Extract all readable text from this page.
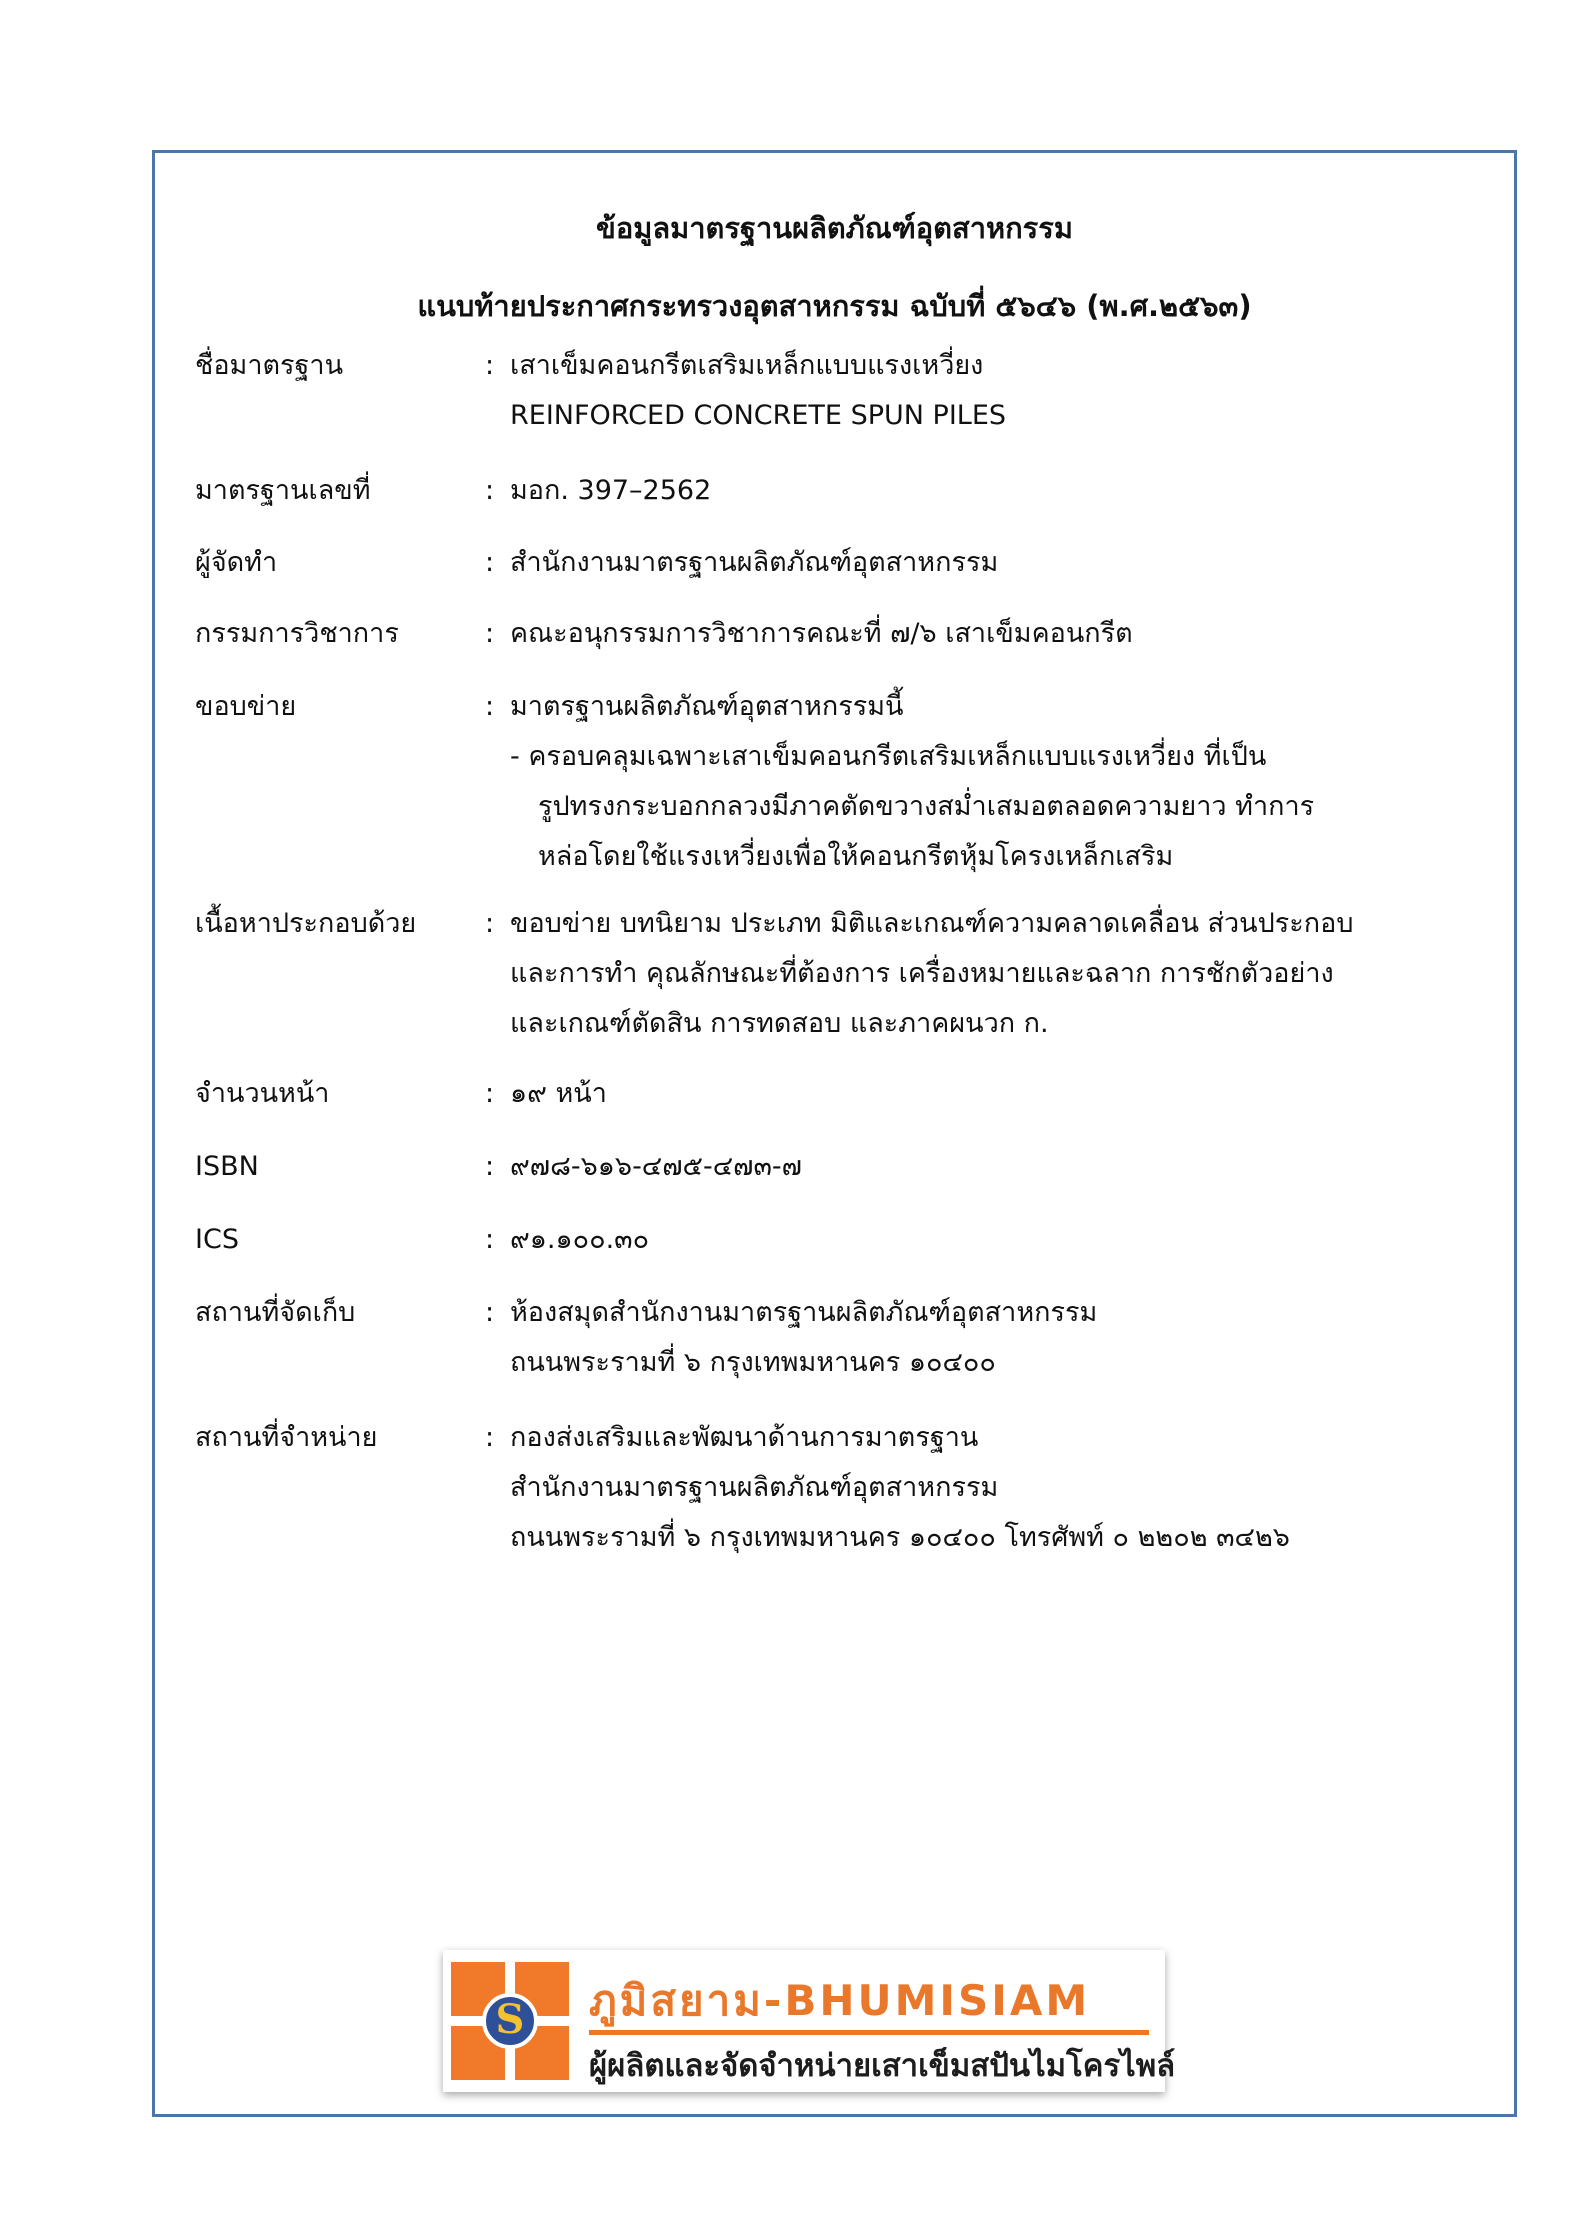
ข้อมูลมาตรฐานผลิตภัณฑ์อุตสาหกรรม
แนบท้ายประกาศกระทรวงอุตสาหกรรม ฉบับที่ ๕๖๔๖ (พ.ศ.๒๕๖๓)
ชื่อมาตรฐาน	: เสาเข็มคอนกรีตเสริมเหล็กแบบแรงเหวี่ยง
REINFORCED CONCRETE SPUN PILES
มาตรฐานเลขที่	: มอก. 397–2562
ผู้จัดทำ	: สำนักงานมาตรฐานผลิตภัณฑ์อุตสาหกรรม
กรรมการวิชาการ	: คณะอนุกรรมการวิชาการคณะที่ ๗/๖ เสาเข็มคอนกรีต
ขอบข่าย	: มาตรฐานผลิตภัณฑ์อุตสาหกรรมนี้
- ครอบคลุมเฉพาะเสาเข็มคอนกรีตเสริมเหล็กแบบแรงเหวี่ยง ที่เป็น
รูปทรงกระบอกกลวงมีภาคตัดขวางสม่ำเสมอตลอดความยาว ทำการ
หล่อโดยใช้แรงเหวี่ยงเพื่อให้คอนกรีตหุ้มโครงเหล็กเสริม
เนื้อหาประกอบด้วย	: ขอบข่าย บทนิยาม ประเภท มิติและเกณฑ์ความคลาดเคลื่อน ส่วนประกอบ
และการทำ คุณลักษณะที่ต้องการ เครื่องหมายและฉลาก การชักตัวอย่าง
และเกณฑ์ตัดสิน การทดสอบ และภาคผนวก ก.
จำนวนหน้า	: ๑๙ หน้า
ISBN	: ๙๗๘-๖๑๖-๔๗๕-๔๗๓-๗
ICS	: ๙๑.๑๐๐.๓๐
สถานที่จัดเก็บ	: ห้องสมุดสำนักงานมาตรฐานผลิตภัณฑ์อุตสาหกรรม
ถนนพระรามที่ ๖ กรุงเทพมหานคร ๑๐๔๐๐
สถานที่จำหน่าย	: กองส่งเสริมและพัฒนาด้านการมาตรฐาน
สำนักงานมาตรฐานผลิตภัณฑ์อุตสาหกรรม
ถนนพระรามที่ ๖ กรุงเทพมหานคร ๑๐๔๐๐ โทรศัพท์ ๐ ๒๒๐๒ ๓๔๒๖
S	ภูมิสยาม-BHUMISIAM
ผู้ผลิตและจัดจำหน่ายเสาเข็มสปันไมโครไพล์
